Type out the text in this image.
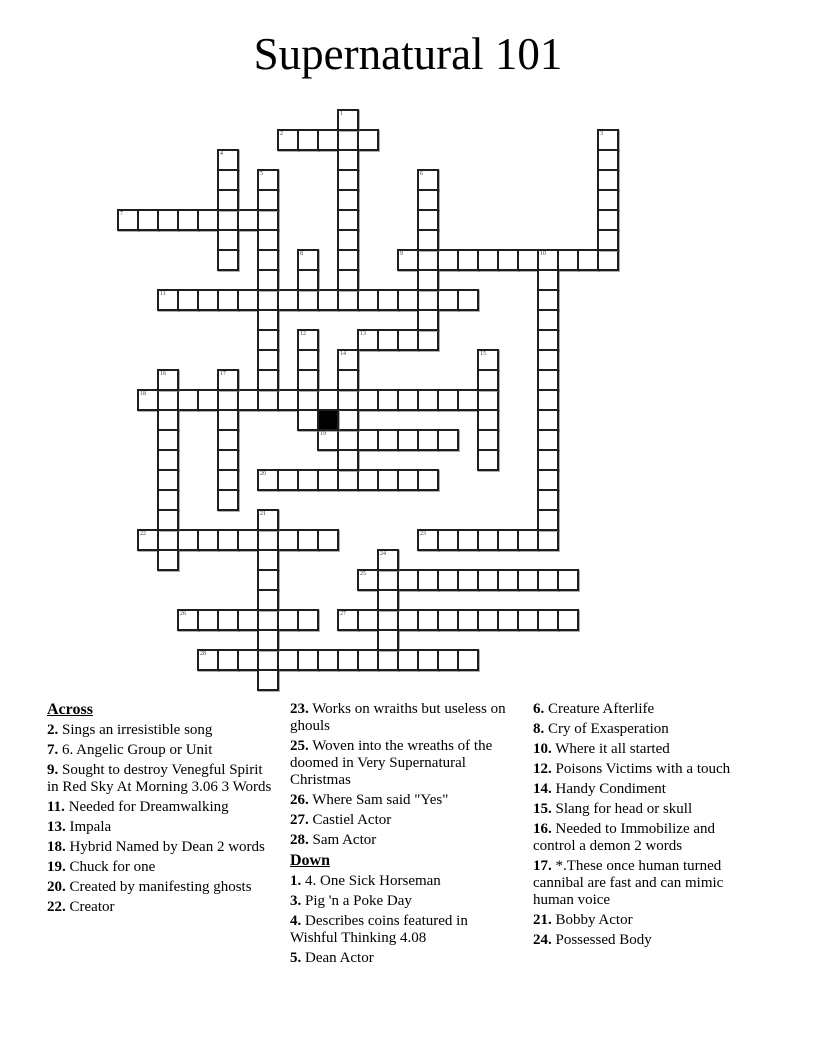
Supernatural 101
2
7
9	10
11
13
18
19
20
22	23
25
26	27
28
1
3
4
5	6
8
12
14	15
16	17
21
24
Across

2. Sings an irresistible song

7. 6. Angelic Group or Unit

9. Sought to destroy Venegful Spirit in Red Sky At Morning 3.06 3 Words

11. Needed for Dreamwalking

13. Impala

18. Hybrid Named by Dean 2 words

19. Chuck for one

20. Created by manifesting ghosts

22. Creator

23. Works on wraiths but useless on ghouls

25. Woven into the wreaths of the doomed in Very Supernatural Christmas

26. Where Sam said "Yes"

27. Castiel Actor

28. Sam Actor

Down

1. 4. One Sick Horseman

3. Pig 'n a Poke Day

4. Describes coins featured in Wishful Thinking 4.08

5. Dean Actor

6. Creature Afterlife

8. Cry of Exasperation

10. Where it all started

12. Poisons Victims with a touch

14. Handy Condiment

15. Slang for head or skull

16. Needed to Immobilize and control a demon 2 words

17. *.These once human turned cannibal are fast and can mimic human voice

21. Bobby Actor

24. Possessed Body
